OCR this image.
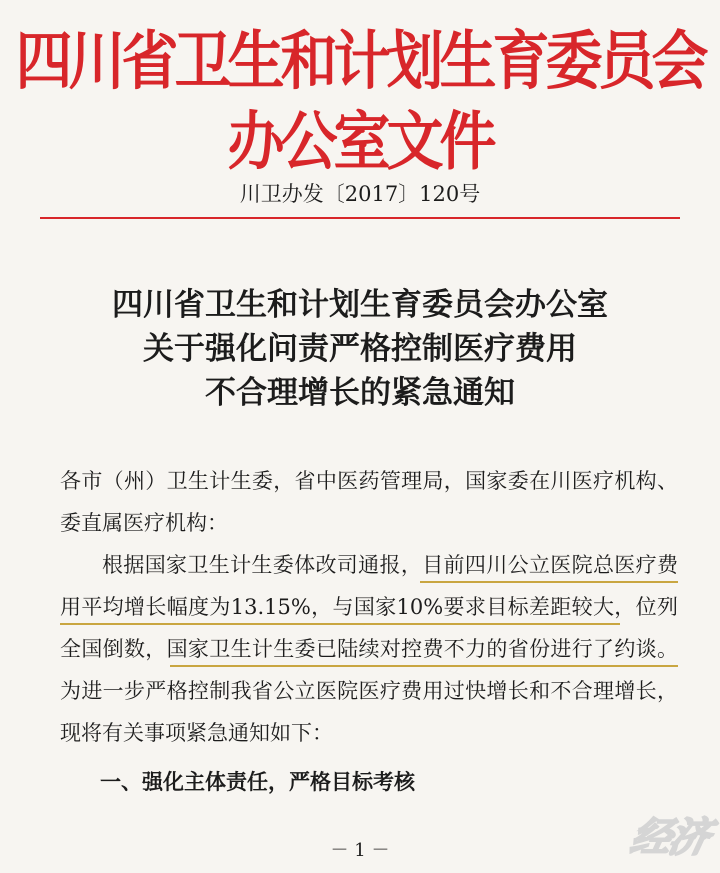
四川省卫生和计划生育委员会办公室文件
川卫办发〔2017〕120号
四川省卫生和计划生育委员会办公室
关于强化问责严格控制医疗费用
不合理增长的紧急通知
各市（州）卫生计生委，省中医药管理局，国家委在川医疗机构、委直属医疗机构：
根据国家卫生计生委体改司通报，目前四川公立医院总医疗费用平均增长幅度为13.15%，与国家10%要求目标差距较大，位列全国倒数，国家卫生计生委已陆续对控费不力的省份进行了约谈。为进一步严格控制我省公立医院医疗费用过快增长和不合理增长，现将有关事项紧急通知如下：
一、强化主体责任，严格目标考核
－ 1 －	经济
